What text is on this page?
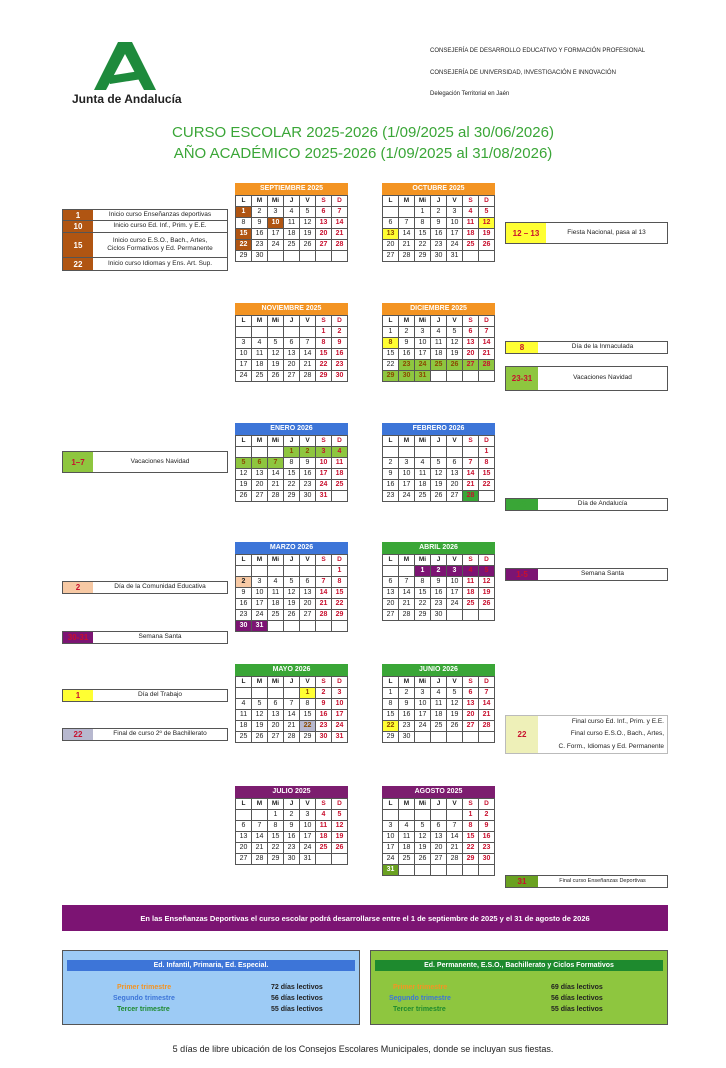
Junta de Andalucía
CONSEJERÍA DE DESARROLLO EDUCATIVO Y FORMACIÓN PROFESIONAL
CONSEJERÍA DE UNIVERSIDAD, INVESTIGACIÓN E INNOVACIÓN
Delegación Territorial en Jaén
CURSO ESCOLAR 2025-2026 (1/09/2025 al 30/06/2026)
AÑO ACADÉMICO 2025-2026 (1/09/2025 al 31/08/2026)
SEPTIEMBRE 2025
L	M	Mi	J	V	S	D
1	2	3	4	5	6	7
8	9	10	11	12	13	14
15	16	17	18	19	20	21
22	23	24	25	26	27	28
29	30					
OCTUBRE 2025
L	M	Mi	J	V	S	D
		1	2	3	4	5
6	7	8	9	10	11	12
13	14	15	16	17	18	19
20	21	22	23	24	25	26
27	28	29	30	31		
NOVIEMBRE 2025
L	M	Mi	J	V	S	D
					1	2
3	4	5	6	7	8	9
10	11	12	13	14	15	16
17	18	19	20	21	22	23
24	25	26	27	28	29	30
DICIEMBRE 2025
L	M	Mi	J	V	S	D
1	2	3	4	5	6	7
8	9	10	11	12	13	14
15	16	17	18	19	20	21
22	23	24	25	26	27	28
29	30	31				
ENERO 2026
L	M	Mi	J	V	S	D
			1	2	3	4
5	6	7	8	9	10	11
12	13	14	15	16	17	18
19	20	21	22	23	24	25
26	27	28	29	30	31	
FEBRERO 2026
L	M	Mi	J	V	S	D
						1
2	3	4	5	6	7	8
9	10	11	12	13	14	15
16	17	18	19	20	21	22
23	24	25	26	27	28	
MARZO 2026
L	M	Mi	J	V	S	D
						1
2	3	4	5	6	7	8
9	10	11	12	13	14	15
16	17	18	19	20	21	22
23	24	25	26	27	28	29
30	31					
ABRIL 2026
L	M	Mi	J	V	S	D
		1	2	3	4	5
6	7	8	9	10	11	12
13	14	15	16	17	18	19
20	21	22	23	24	25	26
27	28	29	30			
MAYO 2026
L	M	Mi	J	V	S	D
				1	2	3
4	5	6	7	8	9	10
11	12	13	14	15	16	17
18	19	20	21	22	23	24
25	26	27	28	29	30	31
JUNIO 2026
L	M	Mi	J	V	S	D
1	2	3	4	5	6	7
8	9	10	11	12	13	14
15	16	17	18	19	20	21
22	23	24	25	26	27	28
29	30					
JULIO 2025
L	M	Mi	J	V	S	D
		1	2	3	4	5
6	7	8	9	10	11	12
13	14	15	16	17	18	19
20	21	22	23	24	25	26
27	28	29	30	31		
AGOSTO 2025
L	M	Mi	J	V	S	D
					1	2
3	4	5	6	7	8	9
10	11	12	13	14	15	16
17	18	19	20	21	22	23
24	25	26	27	28	29	30
31						
1	Inicio curso Enseñanzas deportivas
10	Inicio curso Ed. Inf., Prim. y E.E.
15
Inicio curso E.S.O., Bach., Artes,
Ciclos Formativos y Ed. Permanente
22	Inicio curso Idiomas y Ens. Art. Sup.
12 – 13	Fiesta Nacional, pasa al 13
8	Día de la Inmaculada
23-31	Vacaciones Navidad
1–7	Vacaciones Navidad
28	Día de Andalucía
2	Día de la Comunidad Educativa
1-5	Semana Santa
30-31	Semana Santa
1	Día del Trabajo
22	Final de curso 2º de Bachillerato	22
Final curso Ed. Inf., Prim. y E.E.
Final curso E.S.O., Bach., Artes,
C. Form., Idiomas y Ed. Permanente
31	Final curso Enseñanzas Deportivas
En las Enseñanzas Deportivas el curso escolar podrá desarrollarse entre el 1 de septiembre de 2025 y el 31 de agosto de 2026
Ed. Infantil, Primaria, Ed. Especial.
Primer trimestre	72 días lectivos
Segundo trimestre	56 días lectivos
Tercer trimestre	55 días lectivos
Ed. Permanente, E.S.O., Bachillerato y Ciclos Formativos
Primer trimestre	69 días lectivos
Segundo trimestre	56 días lectivos
Tercer trimestre	55 días lectivos
5 días de libre ubicación de los Consejos Escolares Municipales, donde se incluyan sus fiestas.
